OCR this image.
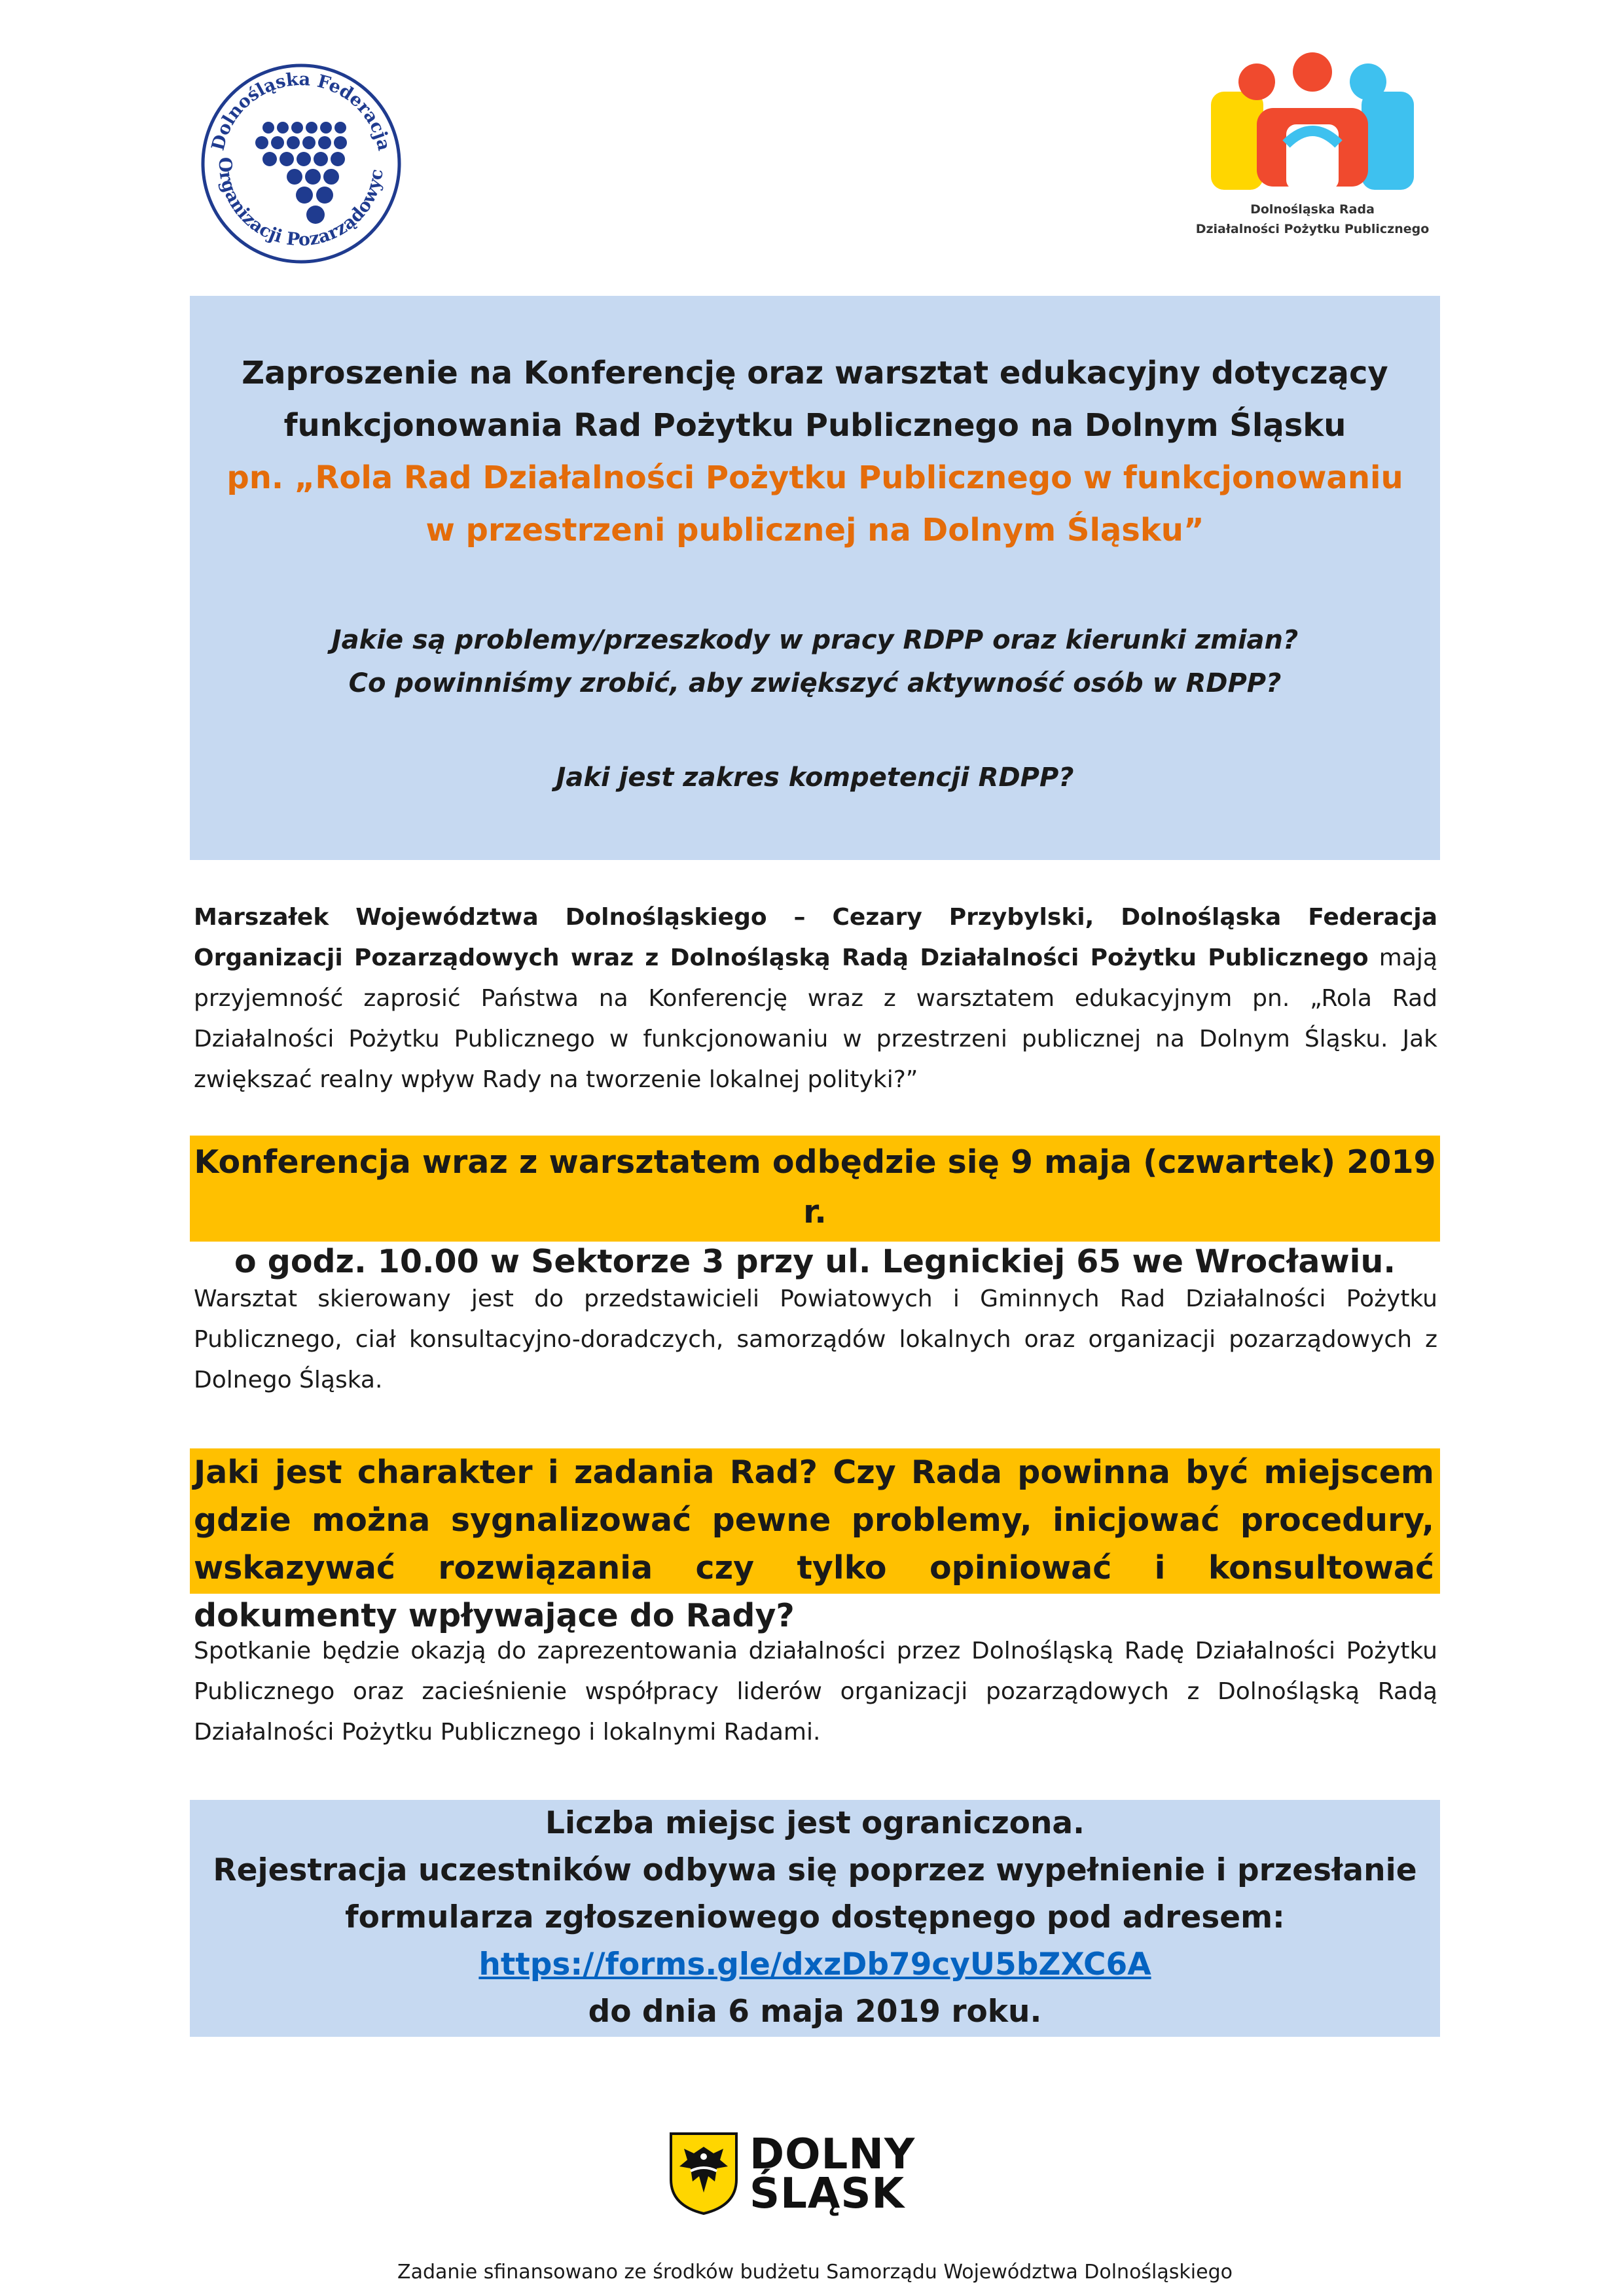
Dolnośląska Federacja
Organizacji Pozarządowyc
Dolnośląska Rada
Działalności Pożytku Publicznego
Zaproszenie na Konferencję oraz warsztat edukacyjny dotyczący
funkcjonowania Rad Pożytku Publicznego na Dolnym Śląsku
pn. „Rola Rad Działalności Pożytku Publicznego w funkcjonowaniu
w przestrzeni publicznej na Dolnym Śląsku”
Jakie są problemy/przeszkody w pracy RDPP oraz kierunki zmian?
Co powinniśmy zrobić, aby zwiększyć aktywność osób w RDPP?
Jaki jest zakres kompetencji RDPP?
Marszałek Województwa Dolnośląskiego – Cezary Przybylski, Dolnośląska Federacja Organizacji Pozarządowych wraz z Dolnośląską Radą Działalności Pożytku Publicznego mają przyjemność zaprosić Państwa na Konferencję wraz z warsztatem edukacyjnym pn. „Rola Rad Działalności Pożytku Publicznego w funkcjonowaniu w przestrzeni publicznej na Dolnym Śląsku. Jak zwiększać realny wpływ Rady na tworzenie lokalnej polityki?”
Konferencja wraz z warsztatem odbędzie się 9 maja (czwartek) 2019 r.
o godz. 10.00 w Sektorze 3 przy ul. Legnickiej 65 we Wrocławiu.
Warsztat skierowany jest do przedstawicieli Powiatowych i Gminnych Rad Działalności Pożytku Publicznego, ciał konsultacyjno-doradczych, samorządów lokalnych oraz organizacji pozarządowych z Dolnego Śląska.
Jaki jest charakter i zadania Rad? Czy Rada powinna być miejscem gdzie można sygnalizować pewne problemy, inicjować procedury, wskazywać rozwiązania czy tylko opiniować i konsultować dokumenty wpływające do Rady?
Spotkanie będzie okazją do zaprezentowania działalności przez Dolnośląską Radę Działalności Pożytku Publicznego oraz zacieśnienie współpracy liderów organizacji pozarządowych z Dolnośląską Radą Działalności Pożytku Publicznego i lokalnymi Radami.
Liczba miejsc jest ograniczona.
Rejestracja uczestników odbywa się poprzez wypełnienie i przesłanie
formularza zgłoszeniowego dostępnego pod adresem:
https://forms.gle/dxzDb79cyU5bZXC6A
do dnia 6 maja 2019 roku.
DOLNY
ŚLĄSK
Zadanie sfinansowano ze środków budżetu Samorządu Województwa Dolnośląskiego
